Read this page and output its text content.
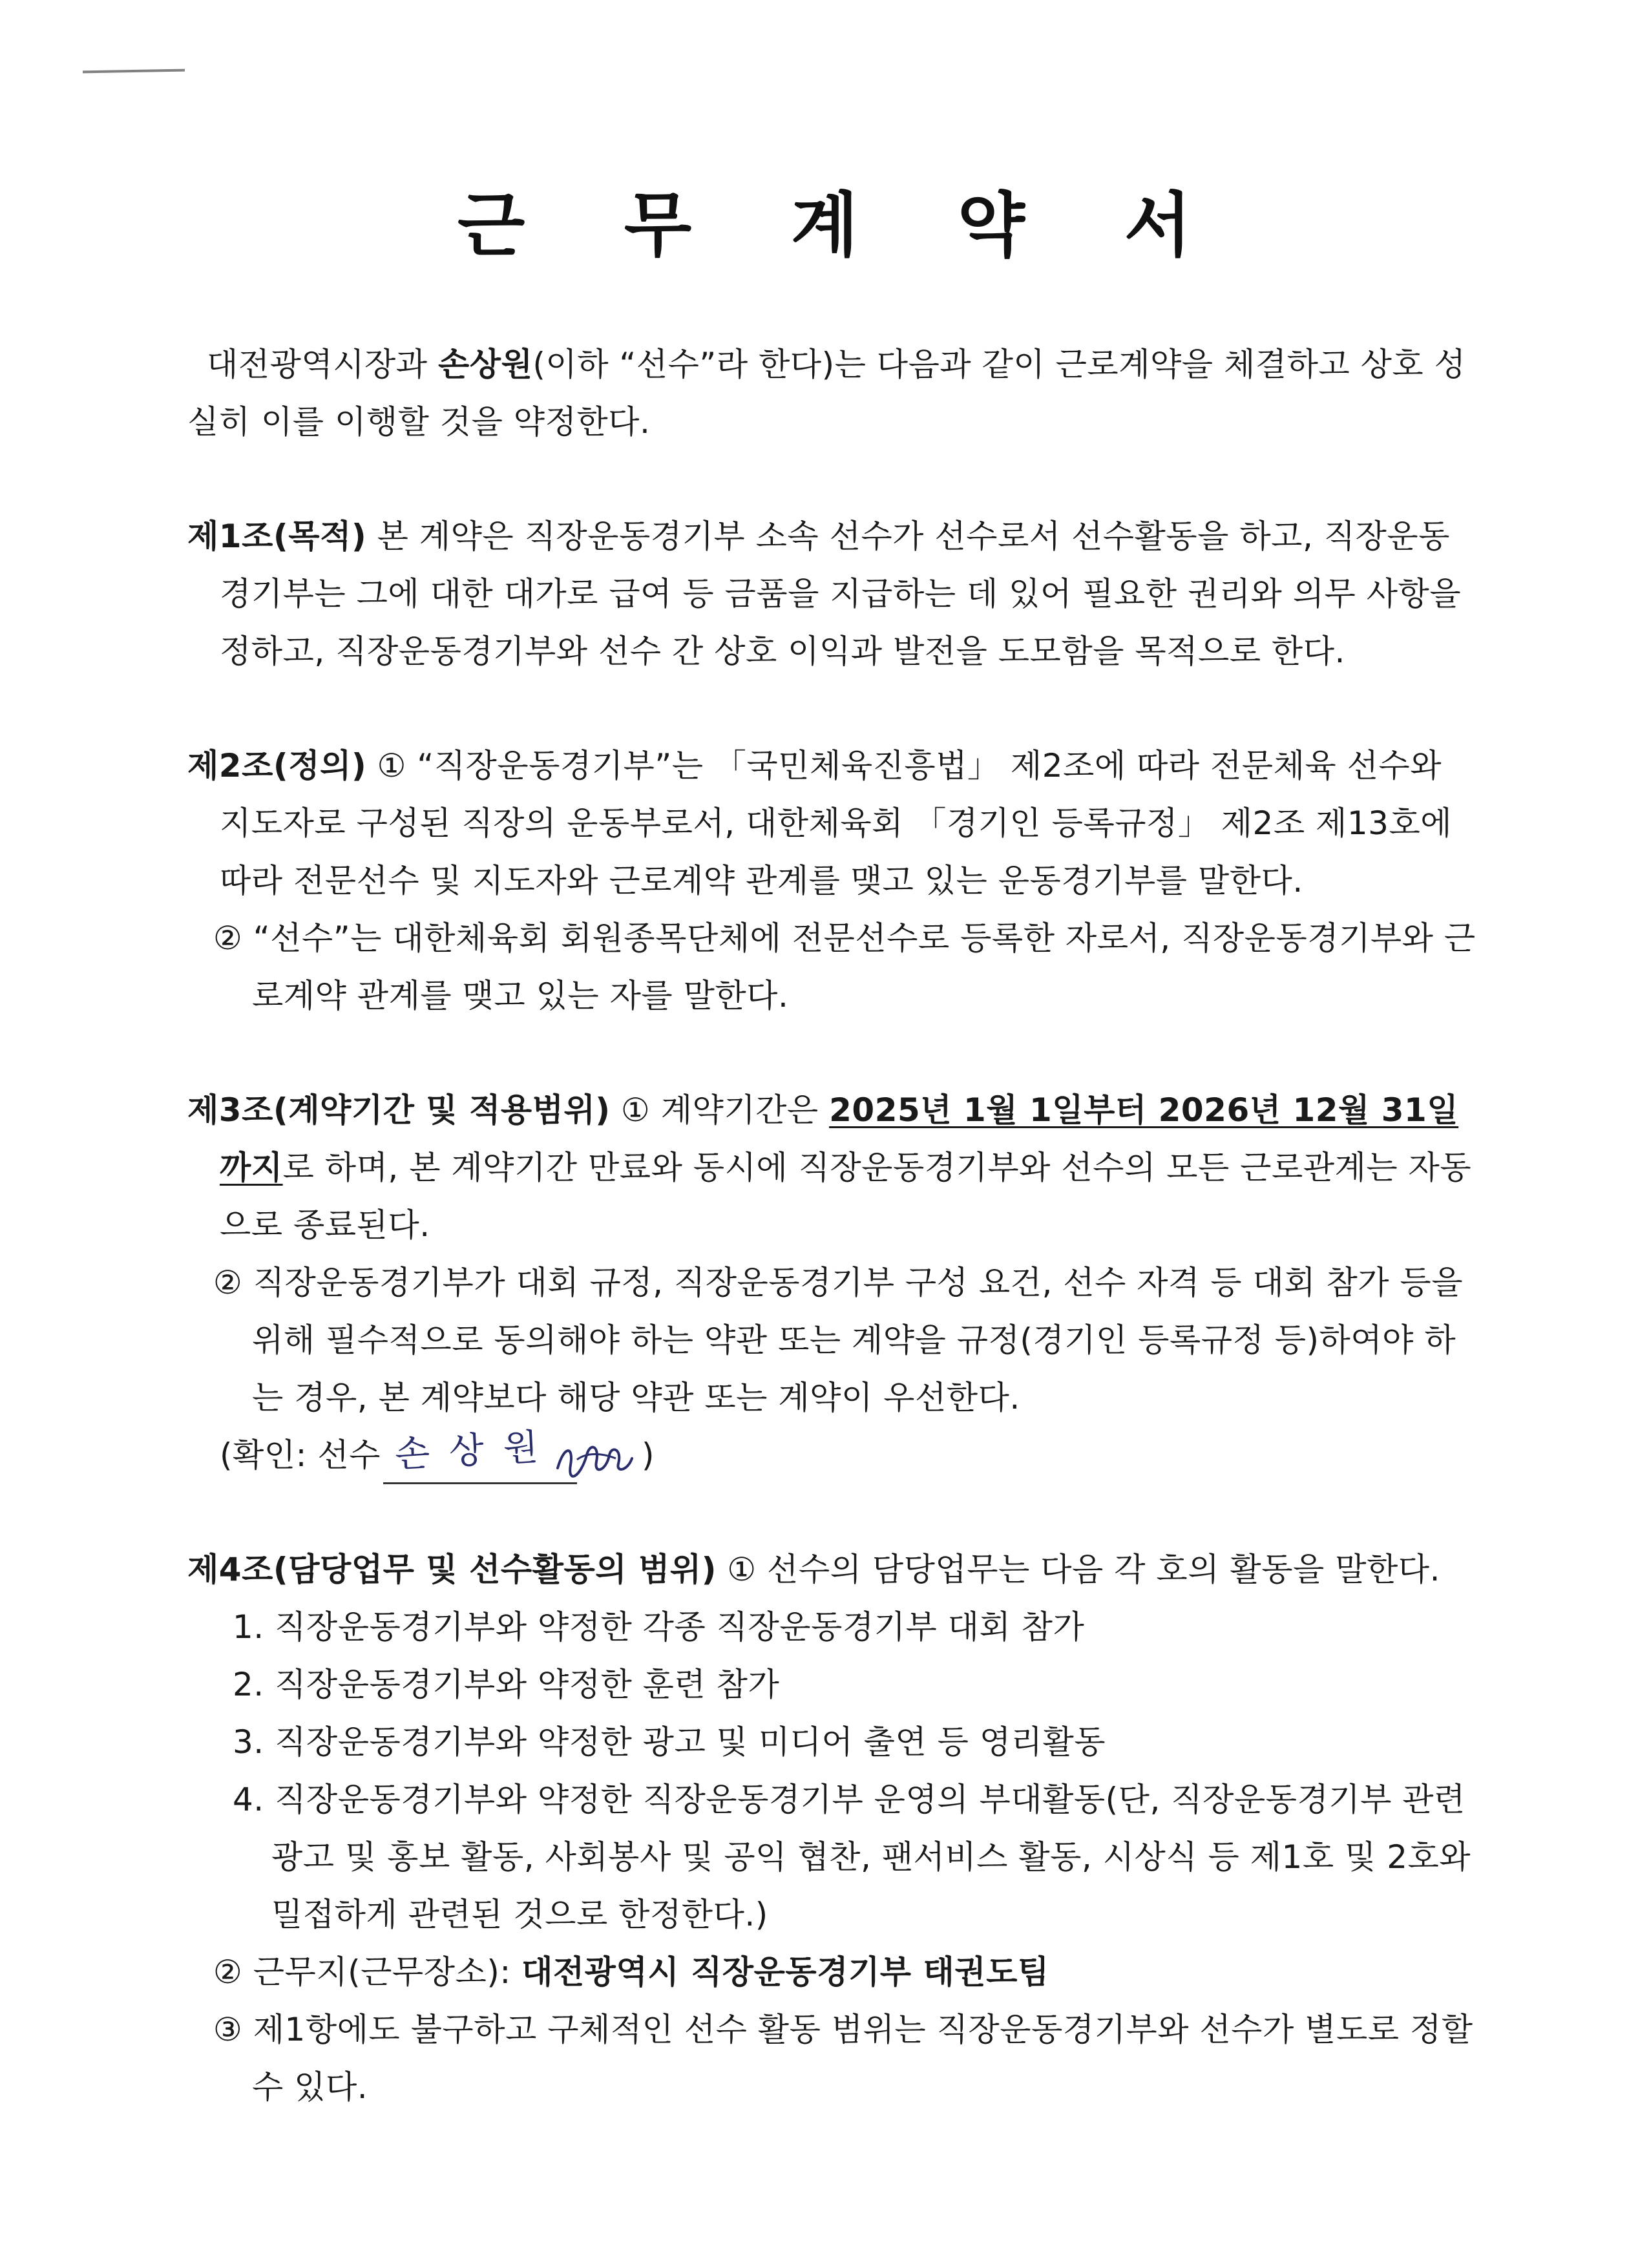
근 무 계 약 서

대전광역시장과 손상원(이하 “선수”라 한다)는 다음과 같이 근로계약을 체결하고 상호 성실히 이를 이행할 것을 약정한다.

제1조(목적) 본 계약은 직장운동경기부 소속 선수가 선수로서 선수활동을 하고, 직장운동경기부는 그에 대한 대가로 급여 등 금품을 지급하는 데 있어 필요한 권리와 의무 사항을 정하고, 직장운동경기부와 선수 간 상호 이익과 발전을 도모함을 목적으로 한다.

제2조(정의) ① “직장운동경기부”는 「국민체육진흥법」 제2조에 따라 전문체육 선수와 지도자로 구성된 직장의 운동부로서, 대한체육회 「경기인 등록규정」 제2조 제13호에 따라 전문선수 및 지도자와 근로계약 관계를 맺고 있는 운동경기부를 말한다.

② “선수”는 대한체육회 회원종목단체에 전문선수로 등록한 자로서, 직장운동경기부와 근로계약 관계를 맺고 있는 자를 말한다.

제3조(계약기간 및 적용범위) ① 계약기간은 2025년 1월 1일부터 2026년 12월 31일까지로 하며, 본 계약기간 만료와 동시에 직장운동경기부와 선수의 모든 근로관계는 자동으로 종료된다.

② 직장운동경기부가 대회 규정, 직장운동경기부 구성 요건, 선수 자격 등 대회 참가 등을 위해 필수적으로 동의해야 하는 약관 또는 계약을 규정(경기인 등록규정 등)하여야 하는 경우, 본 계약보다 해당 약관 또는 계약이 우선한다.

(확인: 선수 손 상 원	)

제4조(담당업무 및 선수활동의 범위) ① 선수의 담당업무는 다음 각 호의 활동을 말한다.

1. 직장운동경기부와 약정한 각종 직장운동경기부 대회 참가

2. 직장운동경기부와 약정한 훈련 참가

3. 직장운동경기부와 약정한 광고 및 미디어 출연 등 영리활동

4. 직장운동경기부와 약정한 직장운동경기부 운영의 부대활동(단, 직장운동경기부 관련 광고 및 홍보 활동, 사회봉사 및 공익 협찬, 팬서비스 활동, 시상식 등 제1호 및 2호와 밀접하게 관련된 것으로 한정한다.)

② 근무지(근무장소): 대전광역시 직장운동경기부 태권도팀

③ 제1항에도 불구하고 구체적인 선수 활동 범위는 직장운동경기부와 선수가 별도로 정할 수 있다.
